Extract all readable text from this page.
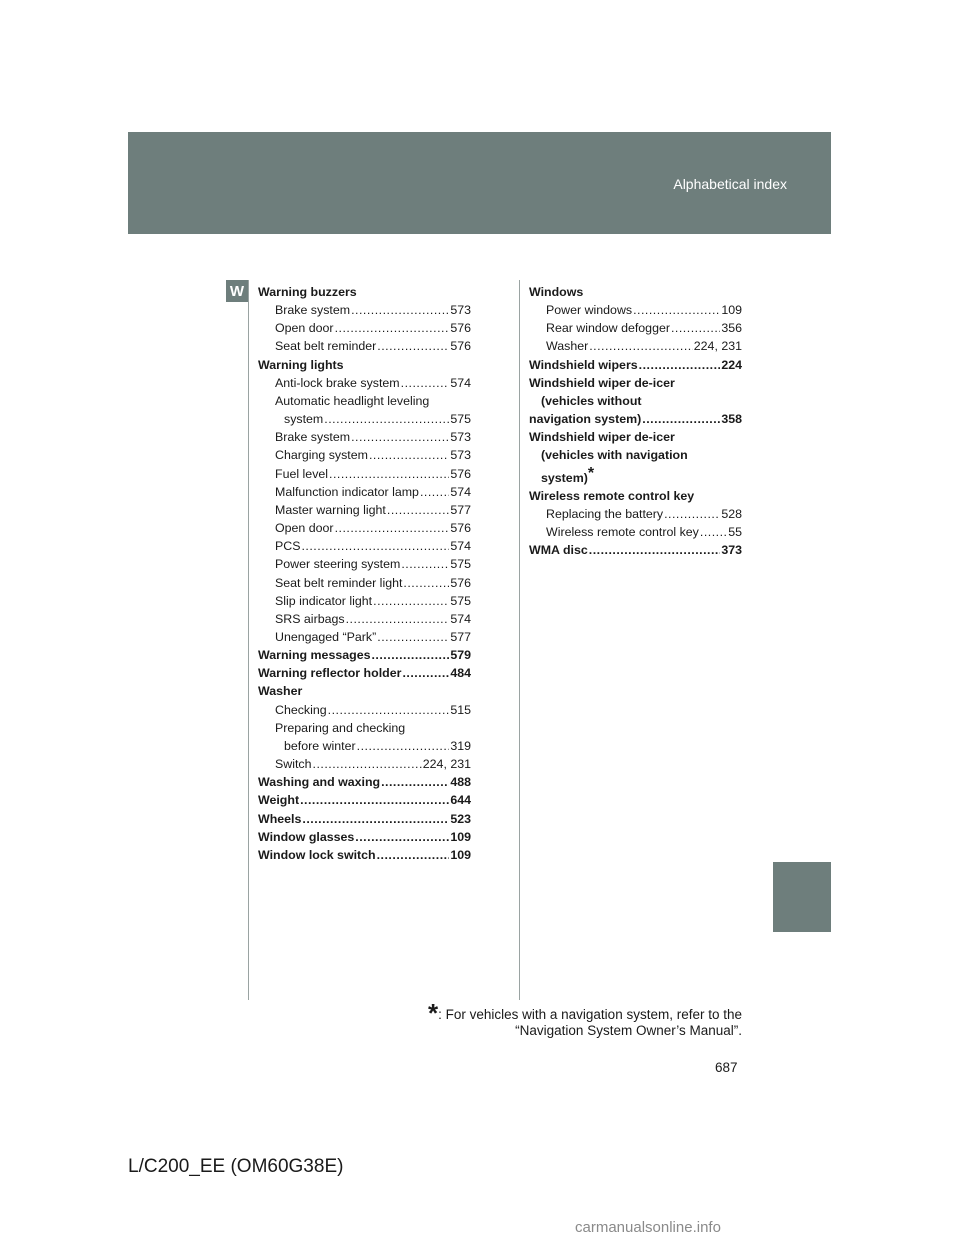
Alphabetical index
W	Warning buzzers
Brake system .....	573
Open door .....	576
Seat belt reminder .....	576
Warning lights
Anti-lock brake system .....	574
Automatic headlight leveling
system .....	575
Brake system .....	573
Charging system .....	573
Fuel level .....	576
Malfunction indicator lamp .....	574
Master warning light .....	577
Open door .....	576
PCS .....	574
Power steering system .....	575
Seat belt reminder light .....	576
Slip indicator light .....	575
SRS airbags .....	574
Unengaged “Park” .....	577
Warning messages .....	579
Warning reflector holder .....	484
Washer
Checking .....	515
Preparing and checking
before winter .....	319
Switch .....	224, 231
Washing and waxing .....	488
Weight .....	644
Wheels .....	523
Window glasses .....	109
Window lock switch .....	109
Windows
Power windows .....	109
Rear window defogger .....	356
Washer .....	224, 231
Windshield wipers .....	224
Windshield wiper de-icer
(vehicles without
navigation system) .....	358
Windshield wiper de-icer
(vehicles with navigation
system)*
Wireless remote control key
Replacing the battery .....	528
Wireless remote control key ..... 55
WMA disc .....	373
*: For vehicles with a navigation system, refer to the
“Navigation System Owner’s Manual”.
687
L/C200_EE (OM60G38E)
carmanualsonline.info
